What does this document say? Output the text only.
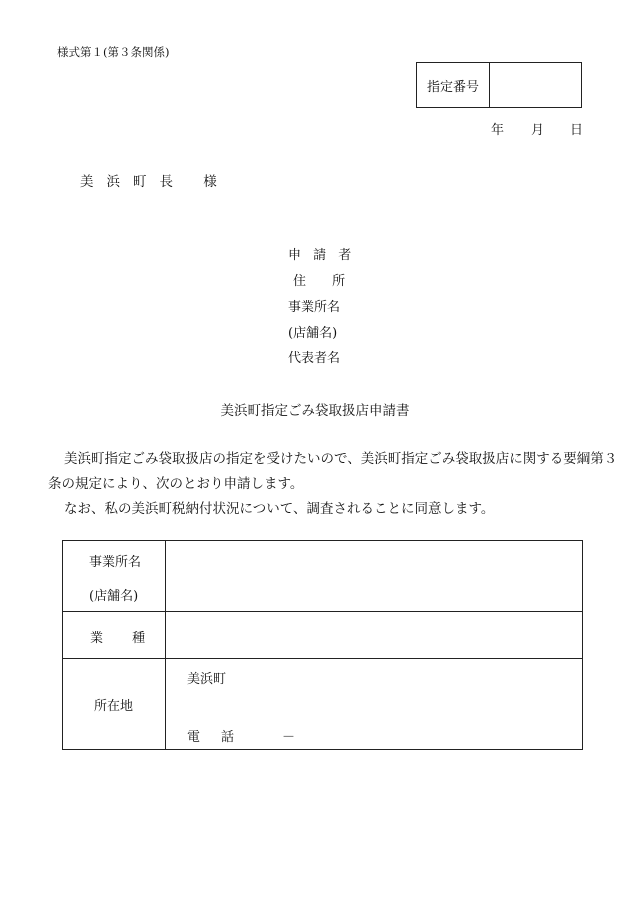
様式第１(第３条関係)
指定番号
年 月 日
美浜町長 様
申 請 者
住　 所
事業所名
(店舗名)
代表者名
美浜町指定ごみ袋取扱店申請書
美浜町指定ごみ袋取扱店の指定を受けたいので、美浜町指定ごみ袋取扱店に関する要綱第３
条の規定により、次のとおり申請します。
なお、私の美浜町税納付状況について、調査されることに同意します。
事業所名
(店舗名)
業　 種
所在地
美浜町
電　話	－
